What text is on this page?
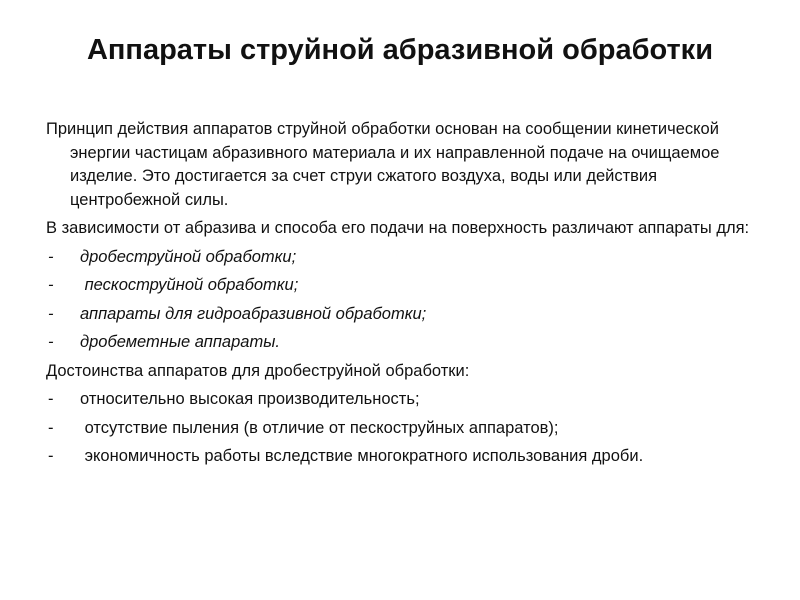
Аппараты струйной абразивной обработки

Принцип действия аппаратов струйной обработки основан на сообщении кинетической энергии частицам абразивного материала и их направленной подаче на очищаемое изделие. Это достигается за счет струи сжатого воздуха, воды или действия центробежной силы.

В зависимости от абразива и способа его подачи на поверхность различают аппараты для:

- дробеструйной обработки;
- пескоструйной обработки;
- аппараты для гидроабразивной обработки;
- дробеметные аппараты.

Достоинства аппаратов для дробеструйной обработки:

- относительно высокая производительность;
- отсутствие пыления (в отличие от пескоструйных аппаратов);
- экономичность работы вследствие многократного использования дроби.
